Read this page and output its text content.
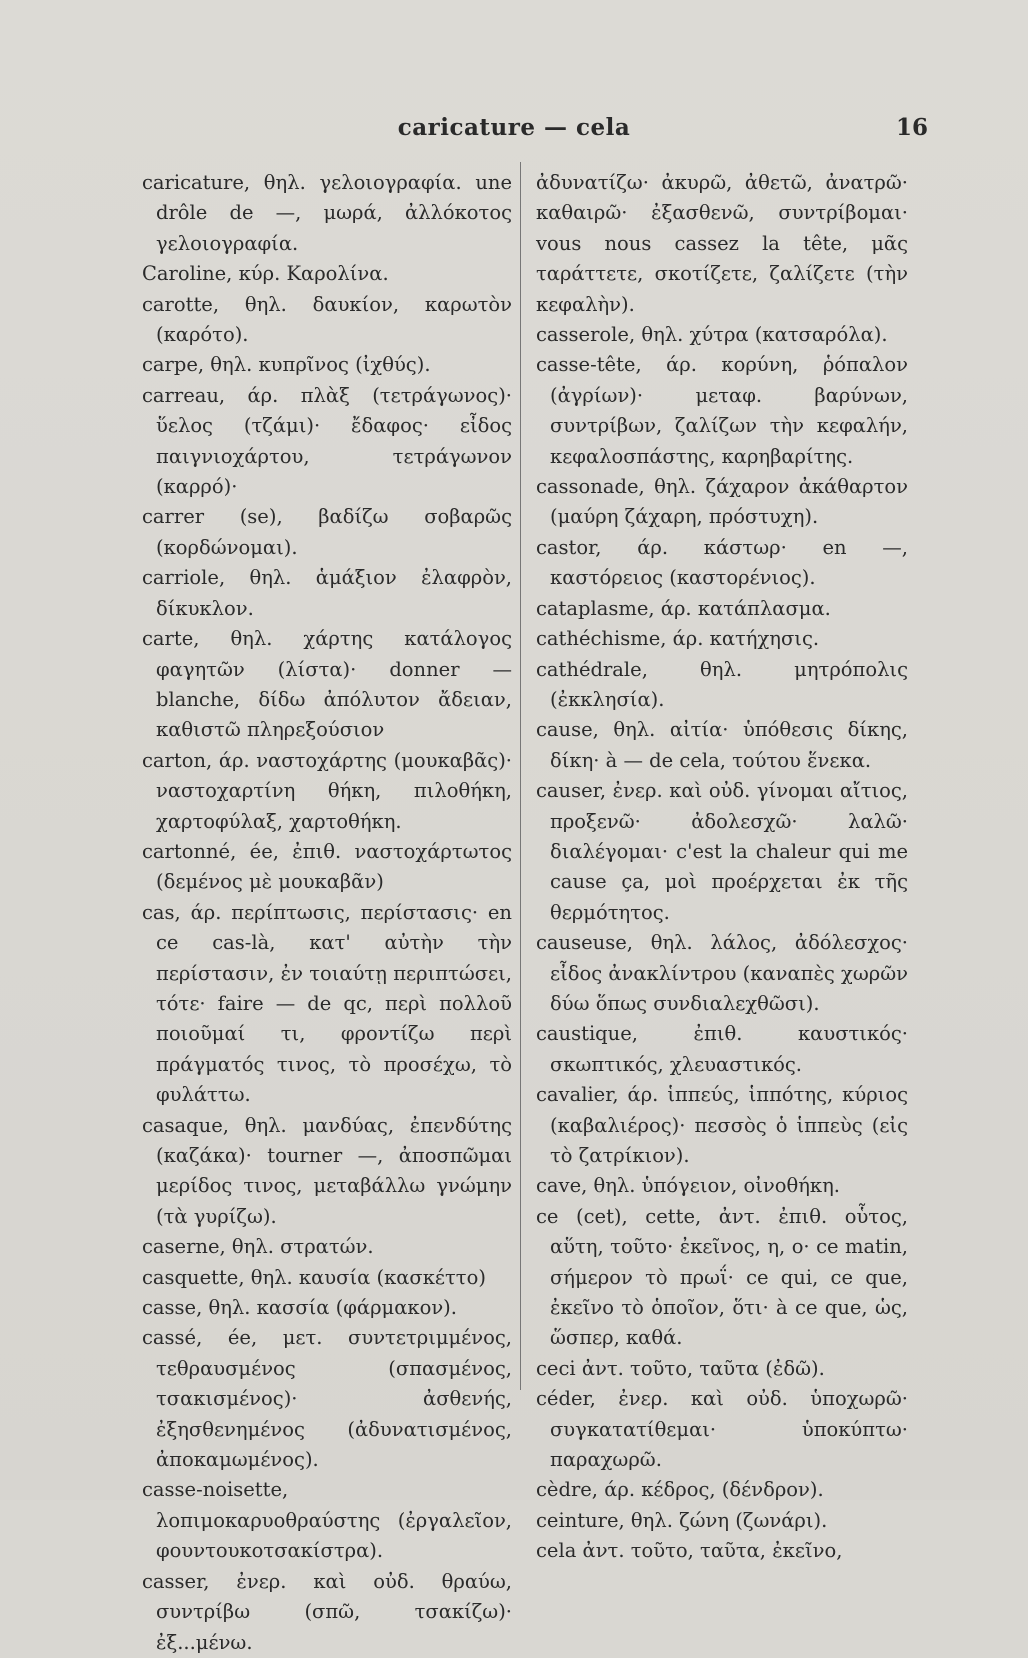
caricature — cela	16
caricature, θηλ. γελοιογραφία. une drôle de —, μωρά, ἀλλόκοτος γελοιογραφία.
Caroline, κύρ. Καρολίνα.
carotte, θηλ. δαυκίον, καρωτὸν (καρότο).
carpe, θηλ. κυπρῖνος (ἰχθύς).
carreau, άρ. πλὰξ (τετράγωνος)· ὕελος (τζάμι)· ἔδαφος· εἶδος παιγνιοχάρτου, τετράγωνον (καρρό)·
carrer (se), βαδίζω σοβαρῶς (κορδώνομαι).
carriole, θηλ. ἁμάξιον ἐλαφρὸν, δίκυκλον.
carte, θηλ. χάρτης κατάλογος φαγητῶν (λίστα)· donner — blanche, δίδω ἀπόλυτον ἄδειαν, καθιστῶ πληρεξούσιον
carton, άρ. ναστοχάρτης (μουκαβᾶς)· ναστοχαρτίνη θήκη, πιλοθήκη, χαρτοφύλαξ, χαρτοθήκη.
cartonné, ée, ἐπιθ. ναστοχάρτωτος (δεμένος μὲ μουκαβᾶν)
cas, άρ. περίπτωσις, περίστασις· en ce cas-là, κατ' αὐτὴν τὴν περίστασιν, ἐν τοιαύτῃ περιπτώσει, τότε· faire — de qc, περὶ πολλοῦ ποιοῦμαί τι, φροντίζω περὶ πράγματός τινος, τὸ προσέχω, τὸ φυλάττω.
casaque, θηλ. μανδύας, ἐπενδύτης (καζάκα)· tourner —, ἀποσπῶμαι μερίδος τινος, μεταβάλλω γνώμην (τὰ γυρίζω).
caserne, θηλ. στρατών.
casquette, θηλ. καυσία (κασκέττο)
casse, θηλ. κασσία (φάρμακον).
cassé, ée, μετ. συντετριμμένος, τεθραυσμένος (σπασμένος, τσακισμένος)· ἀσθενής, ἐξησθενημένος (ἀδυνατισμένος, ἀποκαμωμένος).
casse-noisette, λοπιμοκαρυοθραύστης (ἐργαλεῖον, φουντουκοτσακίστρα).
casser, ἐνερ. καὶ οὐδ. θραύω, συντρίβω (σπῶ, τσακίζω)· ἐξ...μένω.
ἀδυνατίζω· ἀκυρῶ, ἀθετῶ, ἀνατρῶ· καθαιρῶ· ἐξασθενῶ, συντρίβομαι· vous nous cassez la tête, μᾶς ταράττετε, σκοτίζετε, ζαλίζετε (τὴν κεφαλὴν).
casserole, θηλ. χύτρα (κατσαρόλα).
casse-tête, άρ. κορύνη, ῥόπαλον (ἀγρίων)· μεταφ. βαρύνων, συντρίβων, ζαλίζων τὴν κεφαλήν, κεφαλοσπάστης, καρηβαρίτης.
cassonade, θηλ. ζάχαρον ἀκάθαρτον (μαύρη ζάχαρη, πρόστυχη).
castor, άρ. κάστωρ· en —, καστόρειος (καστορένιος).
cataplasme, άρ. κατάπλασμα.
cathéchisme, άρ. κατήχησις.
cathédrale, θηλ. μητρόπολις (ἐκκλησία).
cause, θηλ. αἰτία· ὑπόθεσις δίκης, δίκη· à — de cela, τούτου ἕνεκα.
causer, ἐνερ. καὶ οὐδ. γίνομαι αἴτιος, προξενῶ· ἀδολεσχῶ· λαλῶ· διαλέγομαι· c'est la chaleur qui me cause ça, μοὶ προέρχεται ἐκ τῆς θερμότητος.
causeuse, θηλ. λάλος, ἀδόλεσχος· εἶδος ἀνακλίντρου (καναπὲς χωρῶν δύω ὅπως συνδιαλεχθῶσι).
caustique, ἐπιθ. καυστικός· σκωπτικός, χλευαστικός.
cavalier, άρ. ἱππεύς, ἱππότης, κύριος (καβαλιέρος)· πεσσὸς ὁ ἱππεὺς (εἰς τὸ ζατρίκιον).
cave, θηλ. ὑπόγειον, οἰνοθήκη.
ce (cet), cette, ἀντ. ἐπιθ. οὗτος, αὕτη, τοῦτο· ἐκεῖνος, η, ο· ce matin, σήμερον τὸ πρωΐ· ce qui, ce que, ἐκεῖνο τὸ ὁποῖον, ὅτι· à ce que, ὡς, ὥσπερ, καθά.
ceci ἀντ. τοῦτο, ταῦτα (ἐδῶ).
céder, ἐνερ. καὶ οὐδ. ὑποχωρῶ· συγκατατίθεμαι· ὑποκύπτω· παραχωρῶ.
cèdre, άρ. κέδρος, (δένδρον).
ceinture, θηλ. ζώνη (ζωνάρι).
cela ἀντ. τοῦτο, ταῦτα, ἐκεῖνο,
